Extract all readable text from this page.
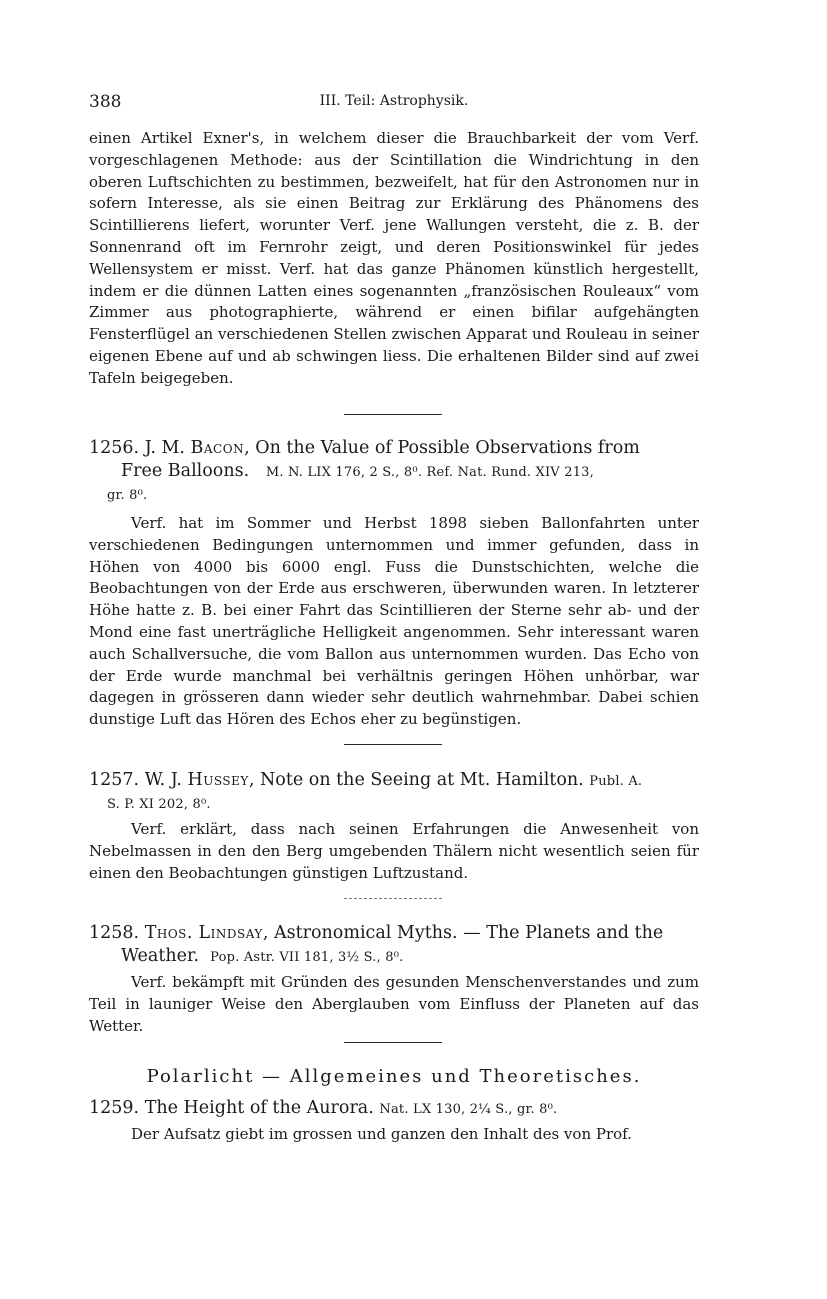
388	III. Teil: Astrophysik.

einen Artikel Exner's, in welchem dieser die Brauchbarkeit der vom Verf. vorgeschlagenen Methode: aus der Scintillation die Windrichtung in den oberen Luftschichten zu bestimmen, bezweifelt, hat für den Astronomen nur in sofern Interesse, als sie einen Beitrag zur Erklärung des Phänomens des Scintillierens liefert, worunter Verf. jene Wallungen versteht, die z. B. der Sonnenrand oft im Fernrohr zeigt, und deren Positionswinkel für jedes Wellensystem er misst. Verf. hat das ganze Phänomen künstlich hergestellt, indem er die dünnen Latten eines sogenannten „französischen Rouleaux“ vom Zimmer aus photographierte, während er einen bifilar aufgehängten Fensterflügel an verschiedenen Stellen zwischen Apparat und Rouleau in seiner eigenen Ebene auf und ab schwingen liess. Die erhaltenen Bilder sind auf zwei Tafeln beigegeben.

1256. J. M. Bacon, On the Value of Possible Observations from
Free Balloons. M. N. LIX 176, 2 S., 8⁰. Ref. Nat. Rund. XIV 213,
gr. 8⁰.

Verf. hat im Sommer und Herbst 1898 sieben Ballonfahrten unter verschiedenen Bedingungen unternommen und immer gefunden, dass in Höhen von 4000 bis 6000 engl. Fuss die Dunstschichten, welche die Beobachtungen von der Erde aus erschweren, überwunden waren. In letzterer Höhe hatte z. B. bei einer Fahrt das Scintillieren der Sterne sehr ab- und der Mond eine fast unerträgliche Helligkeit angenommen. Sehr interessant waren auch Schallversuche, die vom Ballon aus unternommen wurden. Das Echo von der Erde wurde manchmal bei verhältnis geringen Höhen unhörbar, war dagegen in grösseren dann wieder sehr deutlich wahrnehmbar. Dabei schien dunstige Luft das Hören des Echos eher zu begünstigen.

1257. W. J. Hussey, Note on the Seeing at Mt. Hamilton. Publ. A.
S. P. XI 202, 8⁰.

Verf. erklärt, dass nach seinen Erfahrungen die Anwesenheit von Nebelmassen in den den Berg umgebenden Thälern nicht wesentlich seien für einen den Beobachtungen günstigen Luftzustand.

1258. Thos. Lindsay, Astronomical Myths. — The Planets and the
Weather. Pop. Astr. VII 181, 3½ S., 8⁰.

Verf. bekämpft mit Gründen des gesunden Menschenverstandes und zum Teil in launiger Weise den Aberglauben vom Einfluss der Planeten auf das Wetter.

Polarlicht — Allgemeines und Theoretisches.

1259. The Height of the Aurora. Nat. LX 130, 2¼ S., gr. 8⁰.

Der Aufsatz giebt im grossen und ganzen den Inhalt des von Prof.
